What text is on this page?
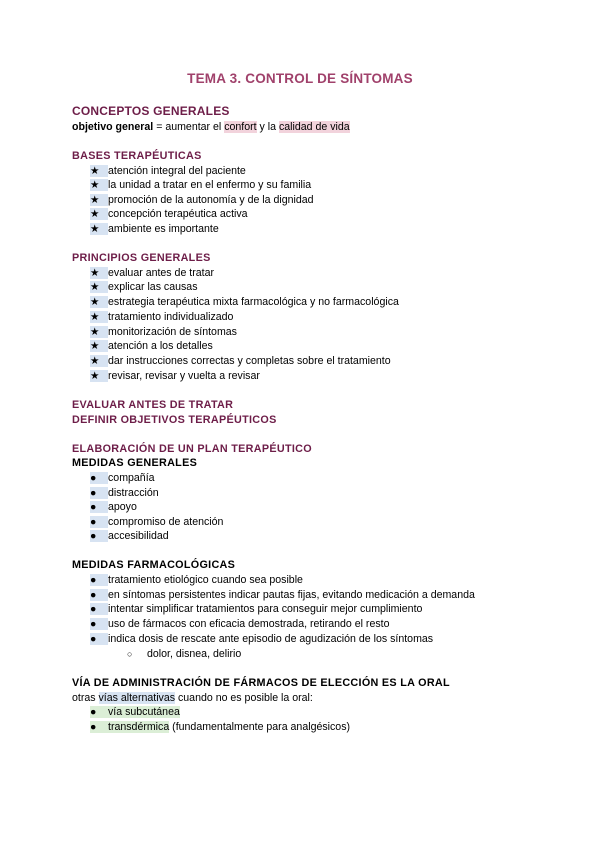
TEMA 3. CONTROL DE SÍNTOMAS
CONCEPTOS GENERALES
objetivo general = aumentar el confort y la calidad de vida
BASES TERAPÉUTICAS
★ atención integral del paciente
★ la unidad a tratar en el enfermo y su familia
★ promoción de la autonomía y de la dignidad
★ concepción terapéutica activa
★ ambiente es importante
PRINCIPIOS GENERALES
★ evaluar antes de tratar
★ explicar las causas
★ estrategia terapéutica mixta farmacológica y no farmacológica
★ tratamiento individualizado
★ monitorización de síntomas
★ atención a los detalles
★ dar instrucciones correctas y completas sobre el tratamiento
★ revisar, revisar y vuelta a revisar
EVALUAR ANTES DE TRATAR
DEFINIR OBJETIVOS TERAPÉUTICOS
ELABORACIÓN DE UN PLAN TERAPÉUTICO
MEDIDAS GENERALES
● compañía
● distracción
● apoyo
● compromiso de atención
● accesibilidad
MEDIDAS FARMACOLÓGICAS
● tratamiento etiológico cuando sea posible
● en síntomas persistentes indicar pautas fijas, evitando medicación a demanda
● intentar simplificar tratamientos para conseguir mejor cumplimiento
● uso de fármacos con eficacia demostrada, retirando el resto
● indica dosis de rescate ante episodio de agudización de los síntomas
○ dolor, disnea, delirio
VÍA DE ADMINISTRACIÓN DE FÁRMACOS DE ELECCIÓN ES LA ORAL
otras vías alternativas cuando no es posible la oral:
● vía subcutánea
● transdérmica (fundamentalmente para analgésicos)
